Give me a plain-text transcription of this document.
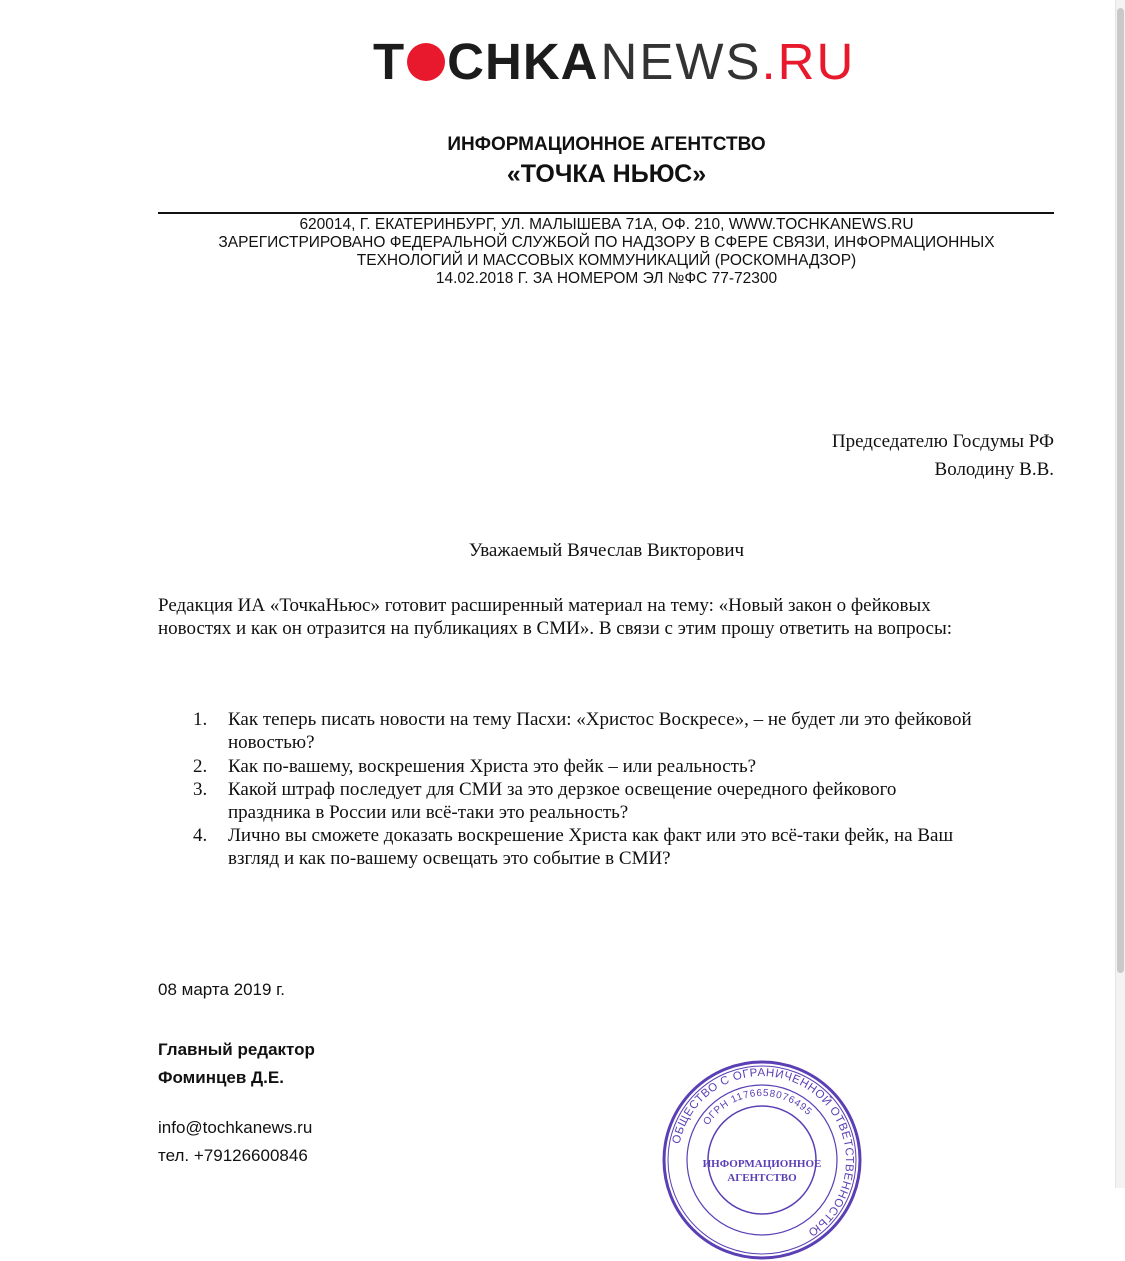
T CHKA NEWS .RU
ИНФОРМАЦИОННОЕ АГЕНТСТВО
«ТОЧКА НЬЮС»
620014, Г. ЕКАТЕРИНБУРГ, УЛ. МАЛЫШЕВА 71А, ОФ. 210, WWW.TOCHKANEWS.RU
ЗАРЕГИСТРИРОВАНО ФЕДЕРАЛЬНОЙ СЛУЖБОЙ ПО НАДЗОРУ В СФЕРЕ СВЯЗИ, ИНФОРМАЦИОННЫХ
ТЕХНОЛОГИЙ И МАССОВЫХ КОММУНИКАЦИЙ (РОСКОМНАДЗОР)
14.02.2018 Г. ЗА НОМЕРОМ ЭЛ №ФС 77-72300
Председателю Госдумы РФ
Володину В.В.
Уважаемый Вячеслав Викторович
Редакция ИА «ТочкаНьюс» готовит расширенный материал на тему: «Новый закон о фейковых
новостях и как он отразится на публикациях в СМИ». В связи с этим прошу ответить на вопросы:
1.	Как теперь писать новости на тему Пасхи: «Христос Воскресе», – не будет ли это фейковой
новостью?
2.	Как по-вашему, воскрешения Христа это фейк – или реальность?
3.	Какой штраф последует для СМИ за это дерзкое освещение очередного фейкового
праздника в России или всё-таки это реальность?
4.	Лично вы сможете доказать воскрешение Христа как факт или это всё-таки фейк, на Ваш
взгляд и как по-вашему освещать это событие в СМИ?
08 марта 2019 г.
Главный редактор
Фоминцев Д.Е.
info@tochkanews.ru
тел. +79126600846
ОБЩЕСТВО С ОГРАНИЧЕННОЙ ОТВЕТСТВЕННОСТЬЮ
ОГРН 1176658076495
ИНФОРМАЦИОННОЕ
АГЕНТСТВО
